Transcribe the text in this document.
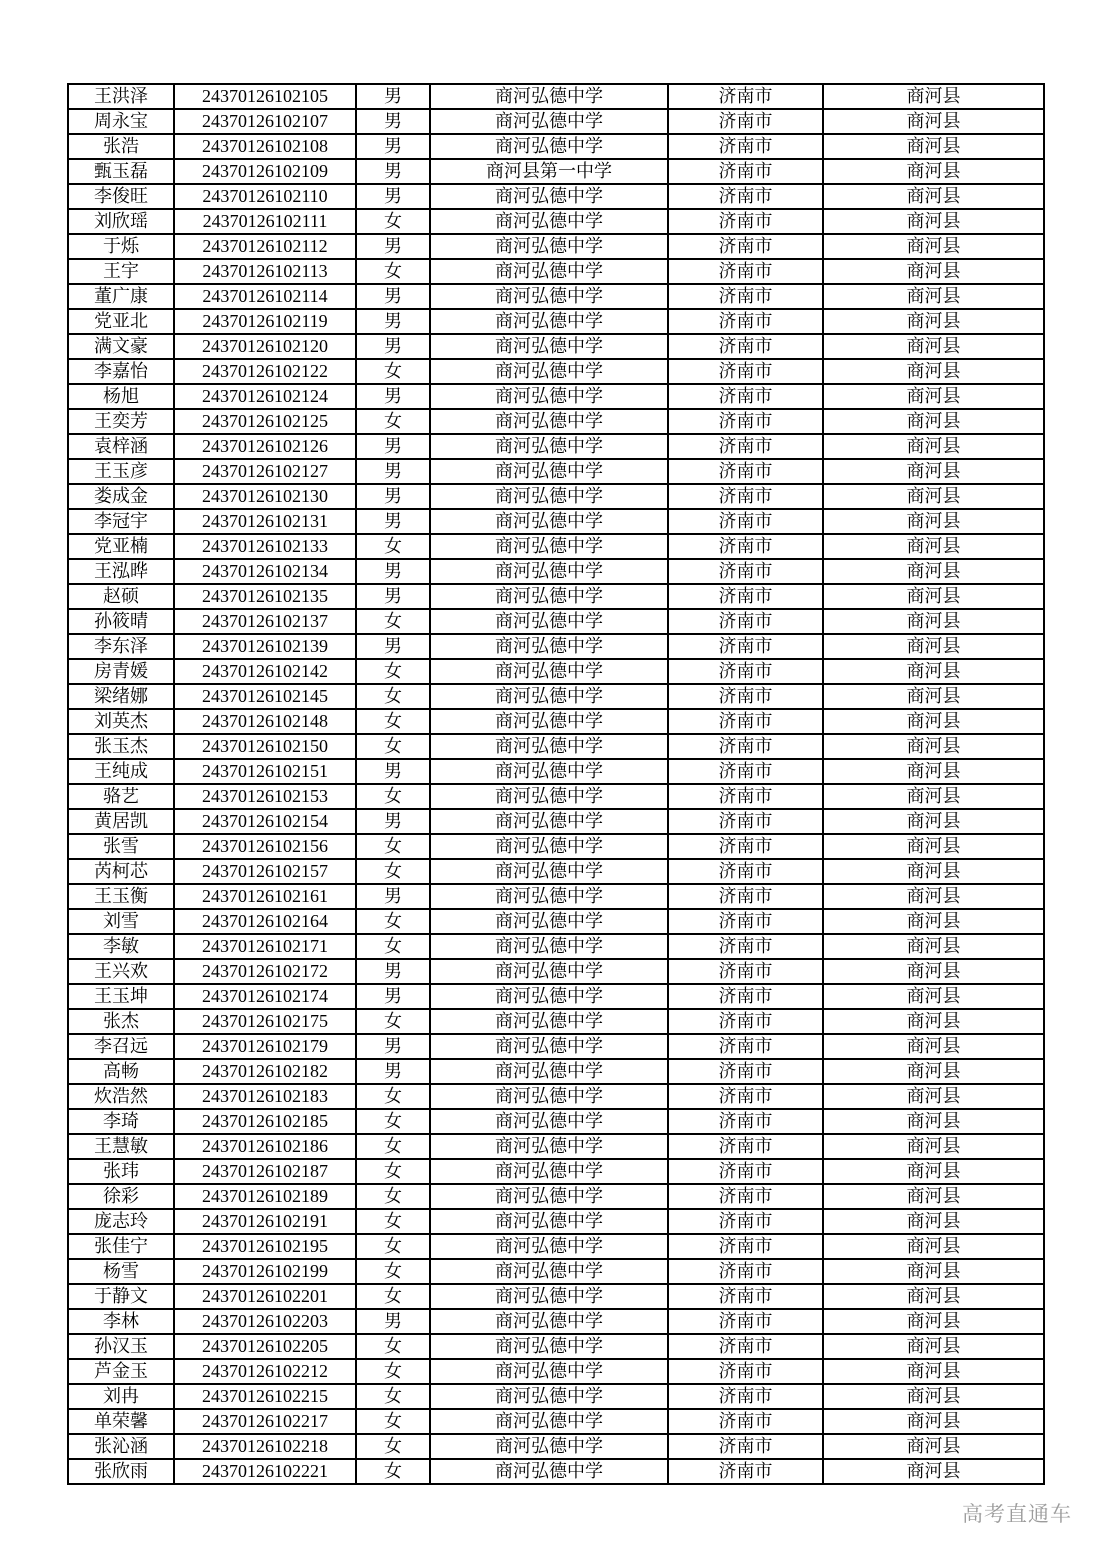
王洪泽	24370126102105	男	商河弘德中学	济南市	商河县
周永宝	24370126102107	男	商河弘德中学	济南市	商河县
张浩	24370126102108	男	商河弘德中学	济南市	商河县
甄玉磊	24370126102109	男	商河县第一中学	济南市	商河县
李俊旺	24370126102110	男	商河弘德中学	济南市	商河县
刘欣瑶	24370126102111	女	商河弘德中学	济南市	商河县
于烁	24370126102112	男	商河弘德中学	济南市	商河县
王宇	24370126102113	女	商河弘德中学	济南市	商河县
董广康	24370126102114	男	商河弘德中学	济南市	商河县
党亚北	24370126102119	男	商河弘德中学	济南市	商河县
满文豪	24370126102120	男	商河弘德中学	济南市	商河县
李嘉怡	24370126102122	女	商河弘德中学	济南市	商河县
杨旭	24370126102124	男	商河弘德中学	济南市	商河县
王奕芳	24370126102125	女	商河弘德中学	济南市	商河县
袁梓涵	24370126102126	男	商河弘德中学	济南市	商河县
王玉彦	24370126102127	男	商河弘德中学	济南市	商河县
娄成金	24370126102130	男	商河弘德中学	济南市	商河县
李冠宇	24370126102131	男	商河弘德中学	济南市	商河县
党亚楠	24370126102133	女	商河弘德中学	济南市	商河县
王泓晔	24370126102134	男	商河弘德中学	济南市	商河县
赵硕	24370126102135	男	商河弘德中学	济南市	商河县
孙筱晴	24370126102137	女	商河弘德中学	济南市	商河县
李东泽	24370126102139	男	商河弘德中学	济南市	商河县
房青媛	24370126102142	女	商河弘德中学	济南市	商河县
梁绪娜	24370126102145	女	商河弘德中学	济南市	商河县
刘英杰	24370126102148	女	商河弘德中学	济南市	商河县
张玉杰	24370126102150	女	商河弘德中学	济南市	商河县
王纯成	24370126102151	男	商河弘德中学	济南市	商河县
骆艺	24370126102153	女	商河弘德中学	济南市	商河县
黄居凯	24370126102154	男	商河弘德中学	济南市	商河县
张雪	24370126102156	女	商河弘德中学	济南市	商河县
芮柯芯	24370126102157	女	商河弘德中学	济南市	商河县
王玉衡	24370126102161	男	商河弘德中学	济南市	商河县
刘雪	24370126102164	女	商河弘德中学	济南市	商河县
李敏	24370126102171	女	商河弘德中学	济南市	商河县
王兴欢	24370126102172	男	商河弘德中学	济南市	商河县
王玉坤	24370126102174	男	商河弘德中学	济南市	商河县
张杰	24370126102175	女	商河弘德中学	济南市	商河县
李召远	24370126102179	男	商河弘德中学	济南市	商河县
高畅	24370126102182	男	商河弘德中学	济南市	商河县
炊浩然	24370126102183	女	商河弘德中学	济南市	商河县
李琦	24370126102185	女	商河弘德中学	济南市	商河县
王慧敏	24370126102186	女	商河弘德中学	济南市	商河县
张玮	24370126102187	女	商河弘德中学	济南市	商河县
徐彩	24370126102189	女	商河弘德中学	济南市	商河县
庞志玲	24370126102191	女	商河弘德中学	济南市	商河县
张佳宁	24370126102195	女	商河弘德中学	济南市	商河县
杨雪	24370126102199	女	商河弘德中学	济南市	商河县
于静文	24370126102201	女	商河弘德中学	济南市	商河县
李林	24370126102203	男	商河弘德中学	济南市	商河县
孙汉玉	24370126102205	女	商河弘德中学	济南市	商河县
芦金玉	24370126102212	女	商河弘德中学	济南市	商河县
刘冉	24370126102215	女	商河弘德中学	济南市	商河县
单荣馨	24370126102217	女	商河弘德中学	济南市	商河县
张沁涵	24370126102218	女	商河弘德中学	济南市	商河县
张欣雨	24370126102221	女	商河弘德中学	济南市	商河县
高考直通车
